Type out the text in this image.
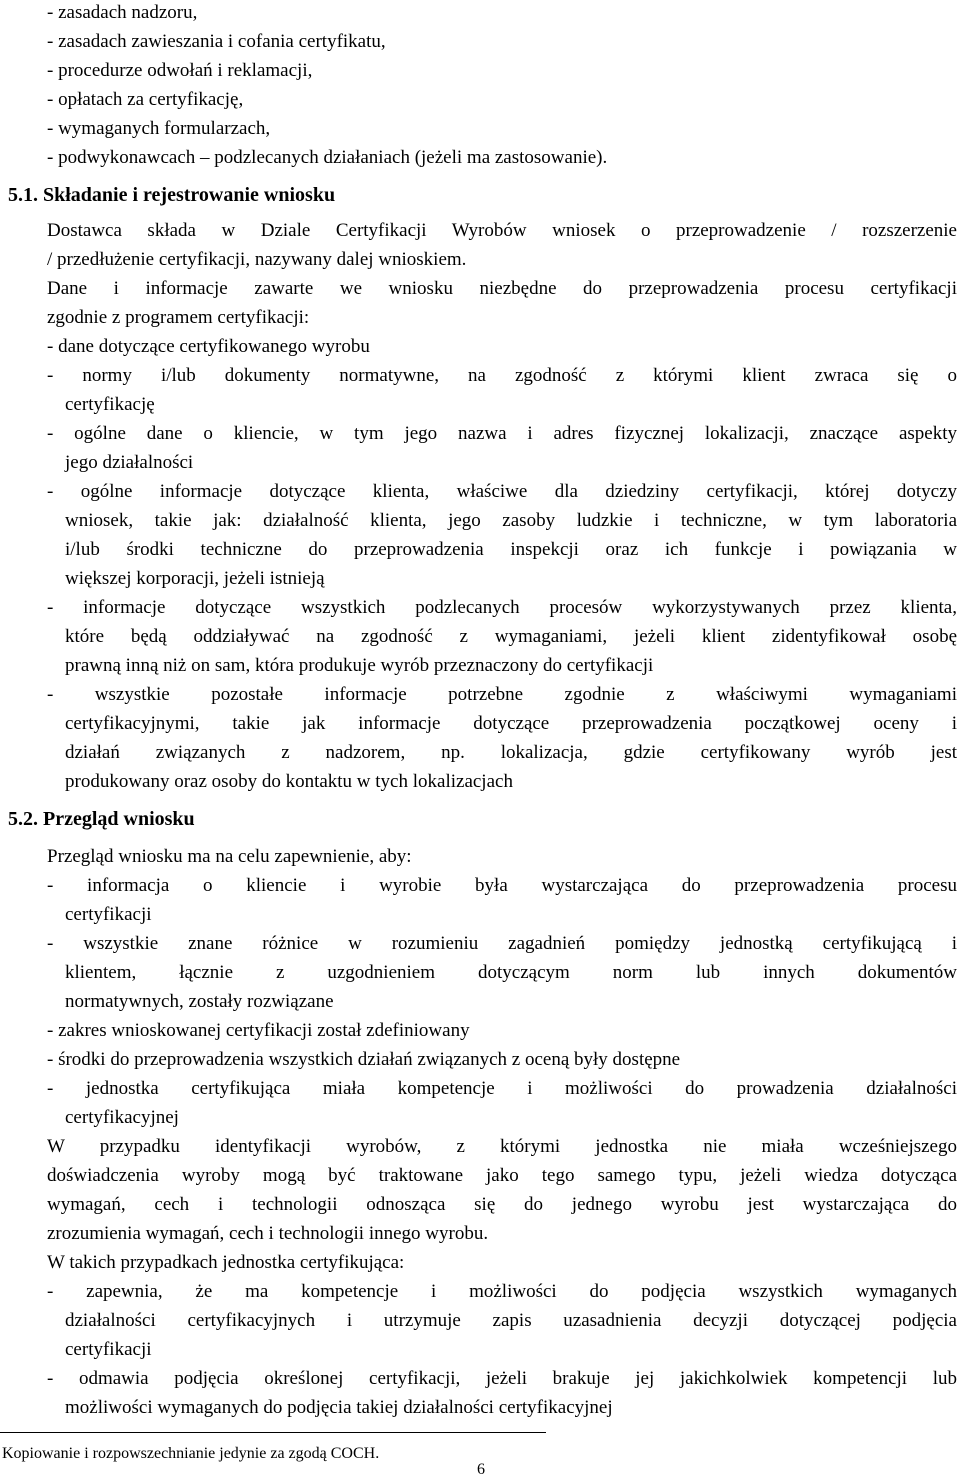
- zasadach nadzoru,
- zasadach zawieszania i cofania certyfikatu,
- procedurze odwołań i reklamacji,
- opłatach za certyfikację,
- wymaganych formularzach,
- podwykonawcach – podzlecanych działaniach (jeżeli ma zastosowanie).
5.1. Składanie i rejestrowanie wniosku
Dostawca składa w Dziale Certyfikacji Wyrobów wniosek o przeprowadzenie / rozszerzenie
/ przedłużenie certyfikacji, nazywany dalej wnioskiem.
Dane i informacje zawarte we wniosku niezbędne do przeprowadzenia procesu certyfikacji
zgodnie z programem certyfikacji:
- dane dotyczące certyfikowanego wyrobu
- normy i/lub dokumenty normatywne, na zgodność z którymi klient zwraca się o
certyfikację
- ogólne dane o kliencie, w tym jego nazwa i adres fizycznej lokalizacji, znaczące aspekty
jego działalności
- ogólne informacje dotyczące klienta, właściwe dla dziedziny certyfikacji, której dotyczy
wniosek, takie jak: działalność klienta, jego zasoby ludzkie i techniczne, w tym laboratoria
i/lub środki techniczne do przeprowadzenia inspekcji oraz ich funkcje i powiązania w
większej korporacji, jeżeli istnieją
- informacje dotyczące wszystkich podzlecanych procesów wykorzystywanych przez klienta,
które będą oddziaływać na zgodność z wymaganiami, jeżeli klient zidentyfikował osobę
prawną inną niż on sam, która produkuje wyrób przeznaczony do certyfikacji
- wszystkie pozostałe informacje potrzebne zgodnie z właściwymi wymaganiami
certyfikacyjnymi, takie jak informacje dotyczące przeprowadzenia początkowej oceny i
działań związanych z nadzorem, np. lokalizacja, gdzie certyfikowany wyrób jest
produkowany oraz osoby do kontaktu w tych lokalizacjach
5.2. Przegląd wniosku
Przegląd wniosku ma na celu zapewnienie, aby:
- informacja o kliencie i wyrobie była wystarczająca do przeprowadzenia procesu
certyfikacji
- wszystkie znane różnice w rozumieniu zagadnień pomiędzy jednostką certyfikującą i
klientem, łącznie z uzgodnieniem dotyczącym norm lub innych dokumentów
normatywnych, zostały rozwiązane
- zakres wnioskowanej certyfikacji został zdefiniowany
- środki do przeprowadzenia wszystkich działań związanych z oceną były dostępne
- jednostka certyfikująca miała kompetencje i możliwości do prowadzenia działalności
certyfikacyjnej
W przypadku identyfikacji wyrobów, z którymi jednostka nie miała wcześniejszego
doświadczenia wyroby mogą być traktowane jako tego samego typu, jeżeli wiedza dotycząca
wymagań, cech i technologii odnosząca się do jednego wyrobu jest wystarczająca do
zrozumienia wymagań, cech i technologii innego wyrobu.
W takich przypadkach jednostka certyfikująca:
- zapewnia, że ma kompetencje i możliwości do podjęcia wszystkich wymaganych
działalności certyfikacyjnych i utrzymuje zapis uzasadnienia decyzji dotyczącej podjęcia
certyfikacji
- odmawia podjęcia określonej certyfikacji, jeżeli brakuje jej jakichkolwiek kompetencji lub
możliwości wymaganych do podjęcia takiej działalności certyfikacyjnej
Kopiowanie i rozpowszechnianie jedynie za zgodą COCH.
6
